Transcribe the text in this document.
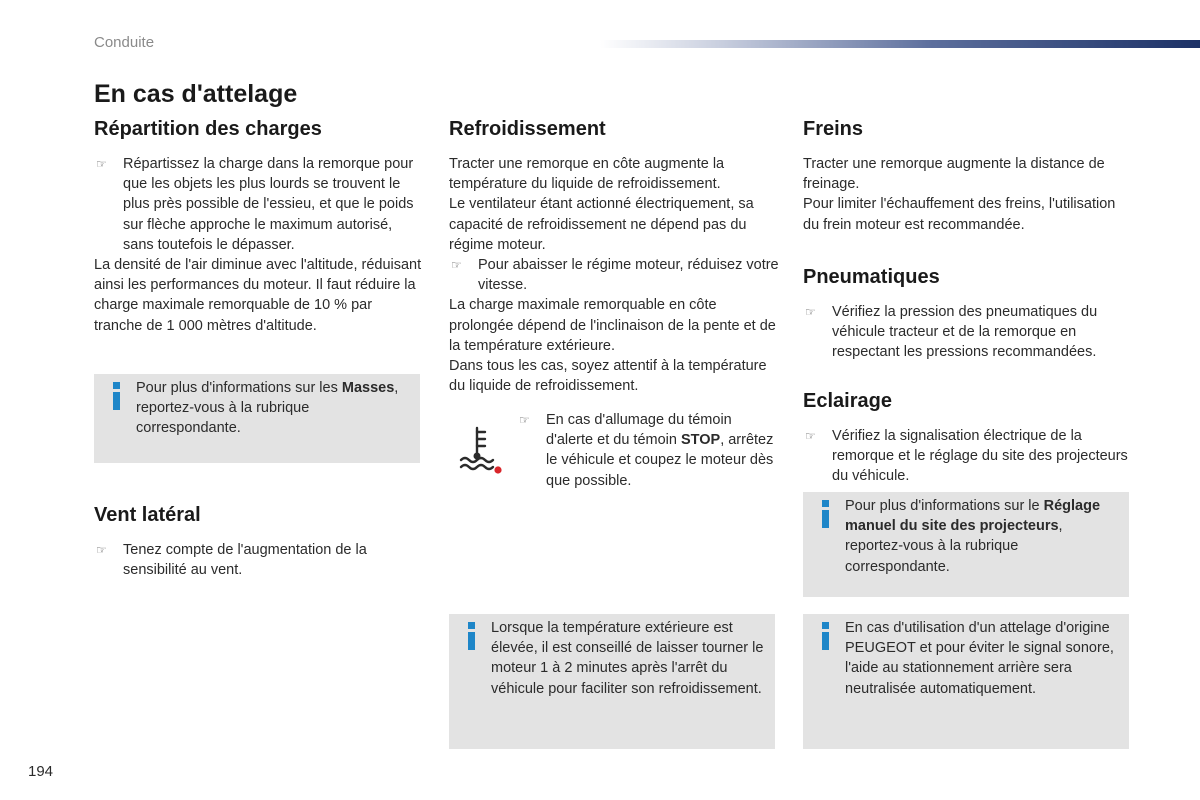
Conduite
En cas d'attelage
Répartition des charges
☞ Répartissez la charge dans la remorque pour que les objets les plus lourds se trouvent le plus près possible de l'essieu, et que le poids sur flèche approche le maximum autorisé, sans toutefois le dépasser.

La densité de l'air diminue avec l'altitude, réduisant ainsi les performances du moteur. Il faut réduire la charge maximale remorquable de 10 % par tranche de 1 000 mètres d'altitude.

Pour plus d'informations sur les Masses, reportez-vous à la rubrique correspondante.
Vent latéral
☞ Tenez compte de l'augmentation de la sensibilité au vent.
Refroidissement

Tracter une remorque en côte augmente la température du liquide de refroidissement.

Le ventilateur étant actionné électriquement, sa capacité de refroidissement ne dépend pas du régime moteur.

☞ Pour abaisser le régime moteur, réduisez votre vitesse.

La charge maximale remorquable en côte prolongée dépend de l'inclinaison de la pente et de la température extérieure.

Dans tous les cas, soyez attentif à la température du liquide de refroidissement.

☞ En cas d'allumage du témoin d'alerte et du témoin STOP, arrêtez le véhicule et coupez le moteur dès que possible.
Lorsque la température extérieure est élevée, il est conseillé de laisser tourner le moteur 1 à 2 minutes après l'arrêt du véhicule pour faciliter son refroidissement.
Freins

Tracter une remorque augmente la distance de freinage.

Pour limiter l'échauffement des freins, l'utilisation du frein moteur est recommandée.

Pneumatiques
☞ Vérifiez la pression des pneumatiques du véhicule tracteur et de la remorque en respectant les pressions recommandées.
Eclairage
☞ Vérifiez la signalisation électrique de la remorque et le réglage du site des projecteurs du véhicule.
Pour plus d'informations sur le Réglage manuel du site des projecteurs, reportez-vous à la rubrique correspondante.
En cas d'utilisation d'un attelage d'origine PEUGEOT et pour éviter le signal sonore, l'aide au stationnement arrière sera neutralisée automatiquement.
194
